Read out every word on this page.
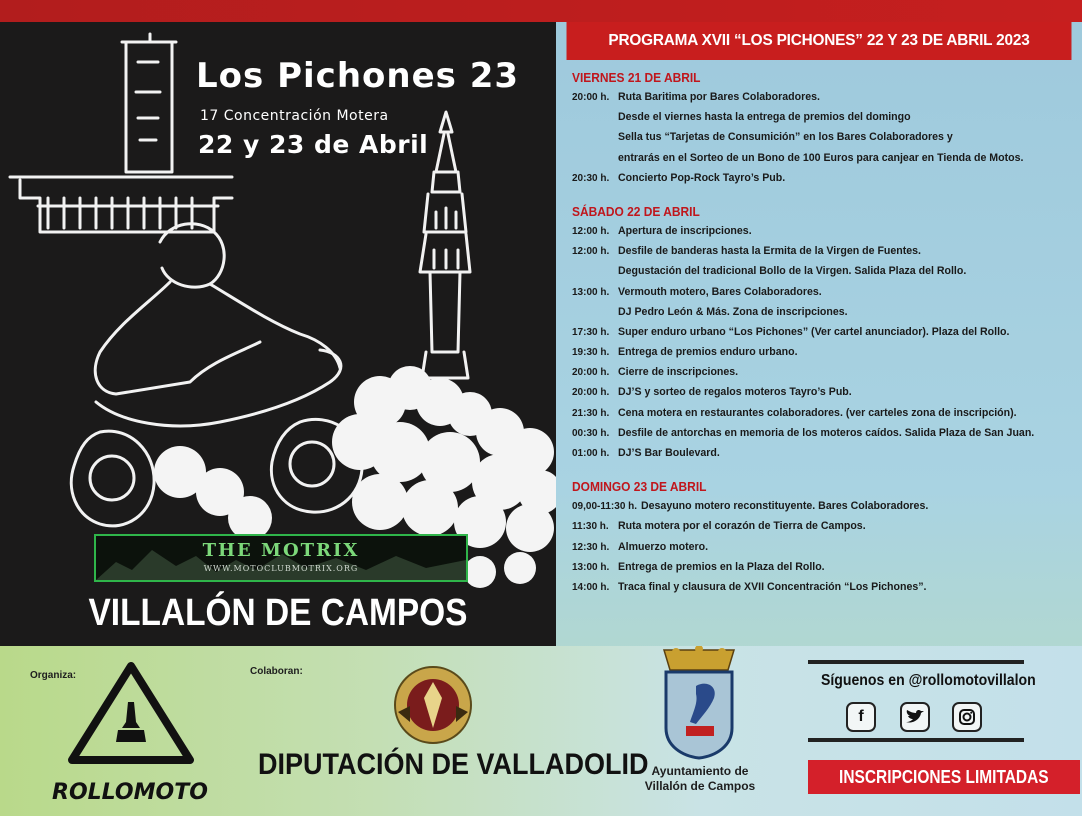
PROGRAMA XVII “LOS PICHONES” 22 Y 23 DE ABRIL 2023
Los Pichones 23
17 Concentración Motera
22 y 23 de Abril
THE MOTRIX
WWW.MOTOCLUBMOTRIX.ORG
VILLALÓN DE CAMPOS
VIERNES 21 DE ABRIL
20:00 h. Ruta Baritima por Bares Colaboradores.
Desde el viernes hasta la entrega de premios del domingo
Sella tus “Tarjetas de Consumición” en los Bares Colaboradores y
entrarás en el Sorteo de un Bono de 100 Euros para canjear en Tienda de Motos.
20:30 h. Concierto Pop-Rock Tayro’s Pub.
SÁBADO 22 DE ABRIL
12:00 h. Apertura de inscripciones.
12:00 h. Desfile de banderas hasta la Ermita de la Virgen de Fuentes.
Degustación del tradicional Bollo de la Virgen. Salida Plaza del Rollo.
13:00 h. Vermouth motero, Bares Colaboradores.
DJ Pedro León & Más. Zona de inscripciones.
17:30 h. Super enduro urbano “Los Pichones” (Ver cartel anunciador). Plaza del Rollo.
19:30 h. Entrega de premios enduro urbano.
20:00 h. Cierre de inscripciones.
20:00 h. DJ’S y sorteo de regalos moteros Tayro’s Pub.
21:30 h. Cena motera en restaurantes colaboradores. (ver carteles zona de inscripción).
00:30 h. Desfile de antorchas en memoria de los moteros caídos. Salida Plaza de San Juan.
01:00 h. DJ’S Bar Boulevard.
DOMINGO 23 DE ABRIL
09,00-11:30 h. Desayuno motero reconstituyente. Bares Colaboradores.
11:30 h. Ruta motera por el corazón de Tierra de Campos.
12:30 h. Almuerzo motero.
13:00 h. Entrega de premios en la Plaza del Rollo.
14:00 h. Traca final y clausura de XVII Concentración “Los Pichones”.
Organiza:	Colaboran:
ROLLOMOTO
DIPUTACIÓN DE VALLADOLID Ayuntamiento de Villalón de Campos
Síguenos en @rollomotovillalon
f
INSCRIPCIONES LIMITADAS
